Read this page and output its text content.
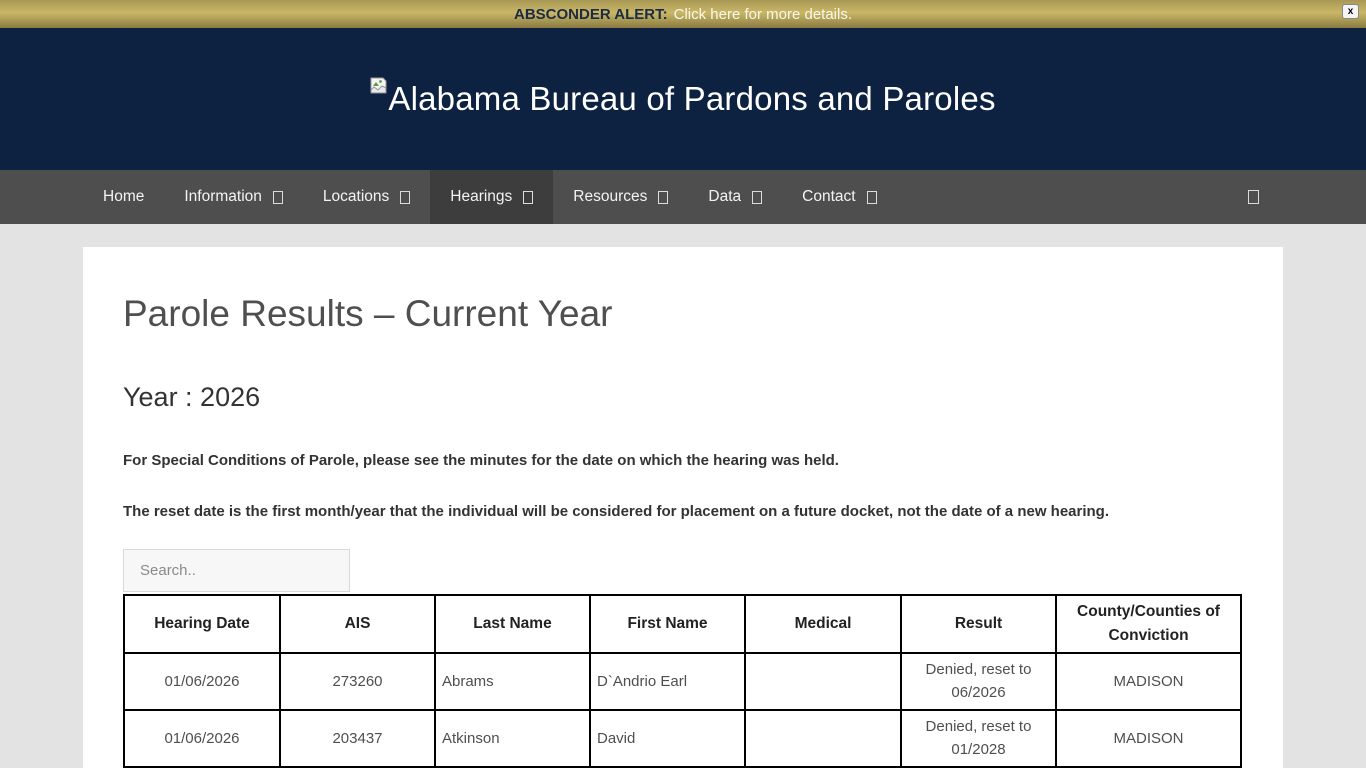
ABSCONDER ALERT: Click here for more details.	x
Alabama Bureau of Pardons and Paroles
Home	Information	Locations	Hearings	Resources	Data	Contact
Parole Results – Current Year
Year : 2026

For Special Conditions of Parole, please see the minutes for the date on which the hearing was held.

The reset date is the first month/year that the individual will be considered for placement on a future docket, not the date of a new hearing.

Search..
Hearing Date	AIS	Last Name	First Name	Medical	Result	County/Counties of Conviction
01/06/2026	273260	Abrams	D`Andrio Earl		Denied, reset to 06/2026	MADISON
01/06/2026	203437	Atkinson	David		Denied, reset to 01/2028	MADISON
